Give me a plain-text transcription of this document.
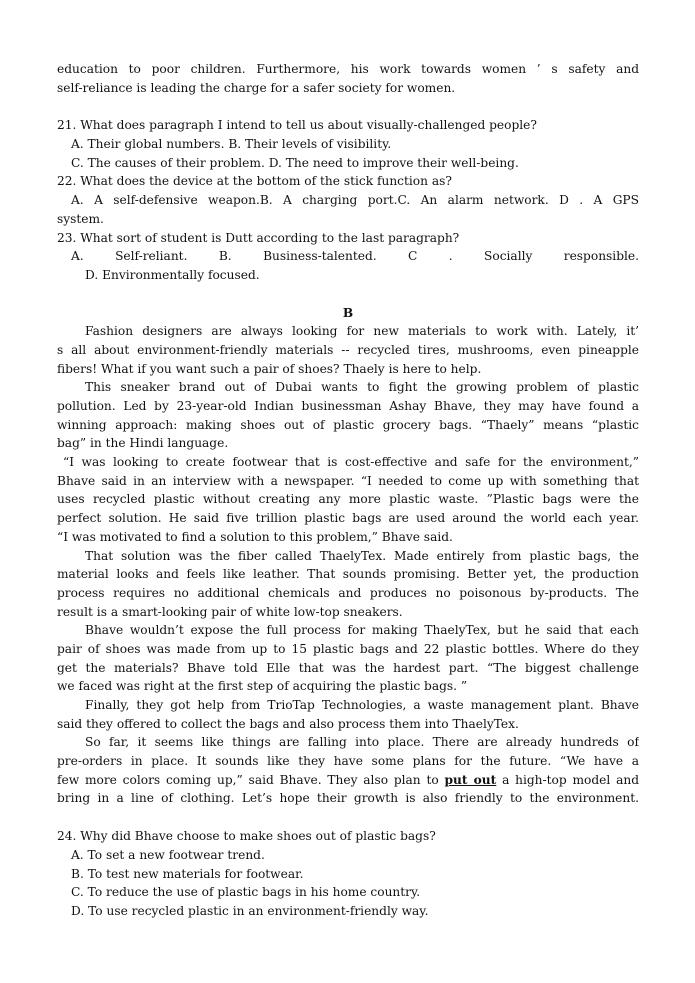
education to poor children. Furthermore, his work towards women ’ s safety and
self-reliance is leading the charge for a safer society for women.
21. What does paragraph I intend to tell us about visually-challenged people?
A. Their global numbers. B. Their levels of visibility.
C. The causes of their problem. D. The need to improve their well-being.
22. What does the device at the bottom of the stick function as?
A. A self-defensive weapon.B. A charging port.C. An alarm network. D . A GPS
system.
23. What sort of student is Dutt according to the last paragraph?
A. Self-reliant. B. Business-talented. C . Socially responsible.
D. Environmentally focused.
B
Fashion designers are always looking for new materials to work with. Lately, it’
s all about environment-friendly materials -- recycled tires, mushrooms, even pineapple
fibers! What if you want such a pair of shoes? Thaely is here to help.
This sneaker brand out of Dubai wants to fight the growing problem of plastic
pollution. Led by 23-year-old Indian businessman Ashay Bhave, they may have found a
winning approach: making shoes out of plastic grocery bags. “Thaely” means “plastic
bag” in the Hindi language.
“I was looking to create footwear that is cost-effective and safe for the environment,”
Bhave said in an interview with a newspaper. “I needed to come up with something that
uses recycled plastic without creating any more plastic waste. ”Plastic bags were the
perfect solution. He said five trillion plastic bags are used around the world each year.
“I was motivated to find a solution to this problem,” Bhave said.
That solution was the fiber called ThaelyTex. Made entirely from plastic bags, the
material looks and feels like leather. That sounds promising. Better yet, the production
process requires no additional chemicals and produces no poisonous by-products. The
result is a smart-looking pair of white low-top sneakers.
Bhave wouldn’t expose the full process for making ThaelyTex, but he said that each
pair of shoes was made from up to 15 plastic bags and 22 plastic bottles. Where do they
get the materials? Bhave told Elle that was the hardest part. “The biggest challenge
we faced was right at the first step of acquiring the plastic bags. ”
Finally, they got help from TrioTap Technologies, a waste management plant. Bhave
said they offered to collect the bags and also process them into ThaelyTex.
So far, it seems like things are falling into place. There are already hundreds of
pre-orders in place. It sounds like they have some plans for the future. “We have a
few more colors coming up,” said Bhave. They also plan to put out a high-top model and
bring in a line of clothing. Let’s hope their growth is also friendly to the environment.
24. Why did Bhave choose to make shoes out of plastic bags?
A. To set a new footwear trend.
B. To test new materials for footwear.
C. To reduce the use of plastic bags in his home country.
D. To use recycled plastic in an environment-friendly way.
